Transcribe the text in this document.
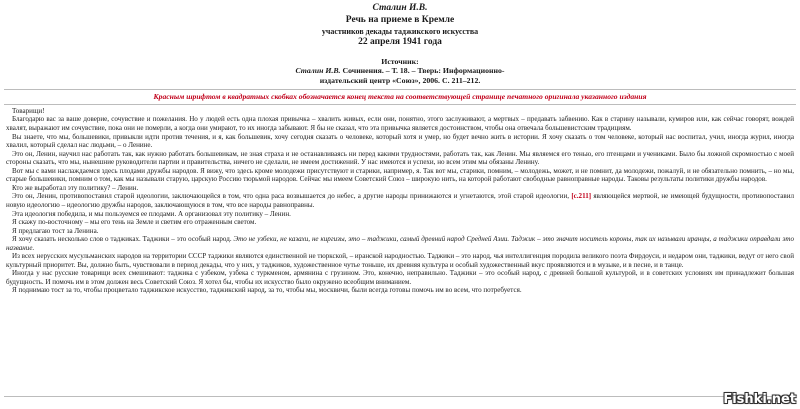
Сталин И.В.
Речь на приеме в Кремле
участников декады таджикского искусства
22 апреля 1941 года
Источник:
Сталин И.В. Сочинения. – Т. 18. – Тверь: Информационно-
издательский центр «Союз», 2006. С. 211–212.
Красным шрифтом в квадратных скобках обозначается конец текста на соответствующей странице печатного оригинала указанного издания

Товарищи!

Благодарю вас за ваше доверие, сочувствие и пожелания. Но у людей есть одна плохая привычка – хвалить живых, если они, понятно, этого заслуживают, а мертвых – предавать забвению. Как в старину называли, кумиров или, как сейчас говорят, вождей хвалят, выражают им сочувствие, пока они не померли, а когда они умирают, то их иногда забывают. Я бы не сказал, что эта привычка является достоинством, чтобы она отвечала большевистским традициям.

Вы знаете, что мы, большевики, привыкли идти против течения, и я, как большевик, хочу сегодня сказать о человеке, который хотя и умер, но будет вечно жить в истории. Я хочу сказать о том человеке, который нас воспитал, учил, иногда журил, иногда хвалил, который сделал нас людьми, – о Ленине.

Это он, Ленин, научил нас работать так, как нужно работать большевикам, не зная страха и не останавливаясь ни перед какими трудностями, работать так, как Ленин. Мы являемся его тенью, его птенцами и учениками. Было бы ложной скромностью с моей стороны сказать, что мы, нынешние руководители партии и правительства, ничего не сделали, не имеем достижений. У нас имеются и успехи, но всем этим мы обязаны Ленину.

Вот мы с вами наслаждаемся здесь плодами дружбы народов. Я вижу, что здесь кроме молодежи присутствуют и старики, например, я. Так вот мы, старики, помним, – молодежь, может, и не помнит, да молодежи, пожалуй, и не обязательно помнить, – но мы, старые большевики, помним о том, как мы называли старую, царскую Россию тюрьмой народов. Сейчас мы имеем Советский Союз – широкую нить, на которой работают свободные равноправные народы. Таковы результаты политики дружбы народов.

Кто же выработал эту политику? – Ленин.

Это он, Ленин, противопоставил старой идеологии, заключающейся в том, что одна раса возвышается до небес, а другие народы принижаются и угнетаются, этой старой идеологии, [с.211] являющейся мертвой, не имеющей будущности, противопоставил новую идеологию – идеологию дружбы народов, заключающуюся в том, что все народы равноправны.

Эта идеология победила, и мы пользуемся ее плодами. А организовал эту политику – Ленин.

Я скажу по-восточному – мы его тень на Земле и светим его отраженным светом.

Я предлагаю тост за Ленина.

Я хочу сказать несколько слов о таджиках. Таджики – это особый народ. Это не узбеки, не казахи, не киргизы, это – таджики, самый древний народ Средней Азии. Таджик – это значит носитель короны, так их называли иранцы, а таджики оправдали это название.

Из всех нерусских мусульманских народов на территории СССР таджики являются единственной не тюркской, – иранской народностью. Таджики – это народ, чья интеллигенция породила великого поэта Фирдоуси, и недаром они, таджики, ведут от него свой культурный приоритет. Вы, должно быть, чувствовали в период декады, что у них, у таджиков, художественное чутье тоньше, их древняя культура и особый художественный вкус проявляются и в музыке, и в песне, и в танце.

Иногда у нас русские товарищи всех смешивают: таджика с узбеком, узбека с туркменом, армянина с грузином. Это, конечно, неправильно. Таджики – это особый народ, с древней большой культурой, и в советских условиях им принадлежит большая будущность. И помочь им в этом должен весь Советский Союз. Я хотел бы, чтобы их искусство было окружено всеобщим вниманием.

Я поднимаю тост за то, чтобы процветало таджикское искусство, таджикский народ, за то, чтобы мы, москвичи, были всегда готовы помочь им во всем, что потребуется.

Fishki.net
